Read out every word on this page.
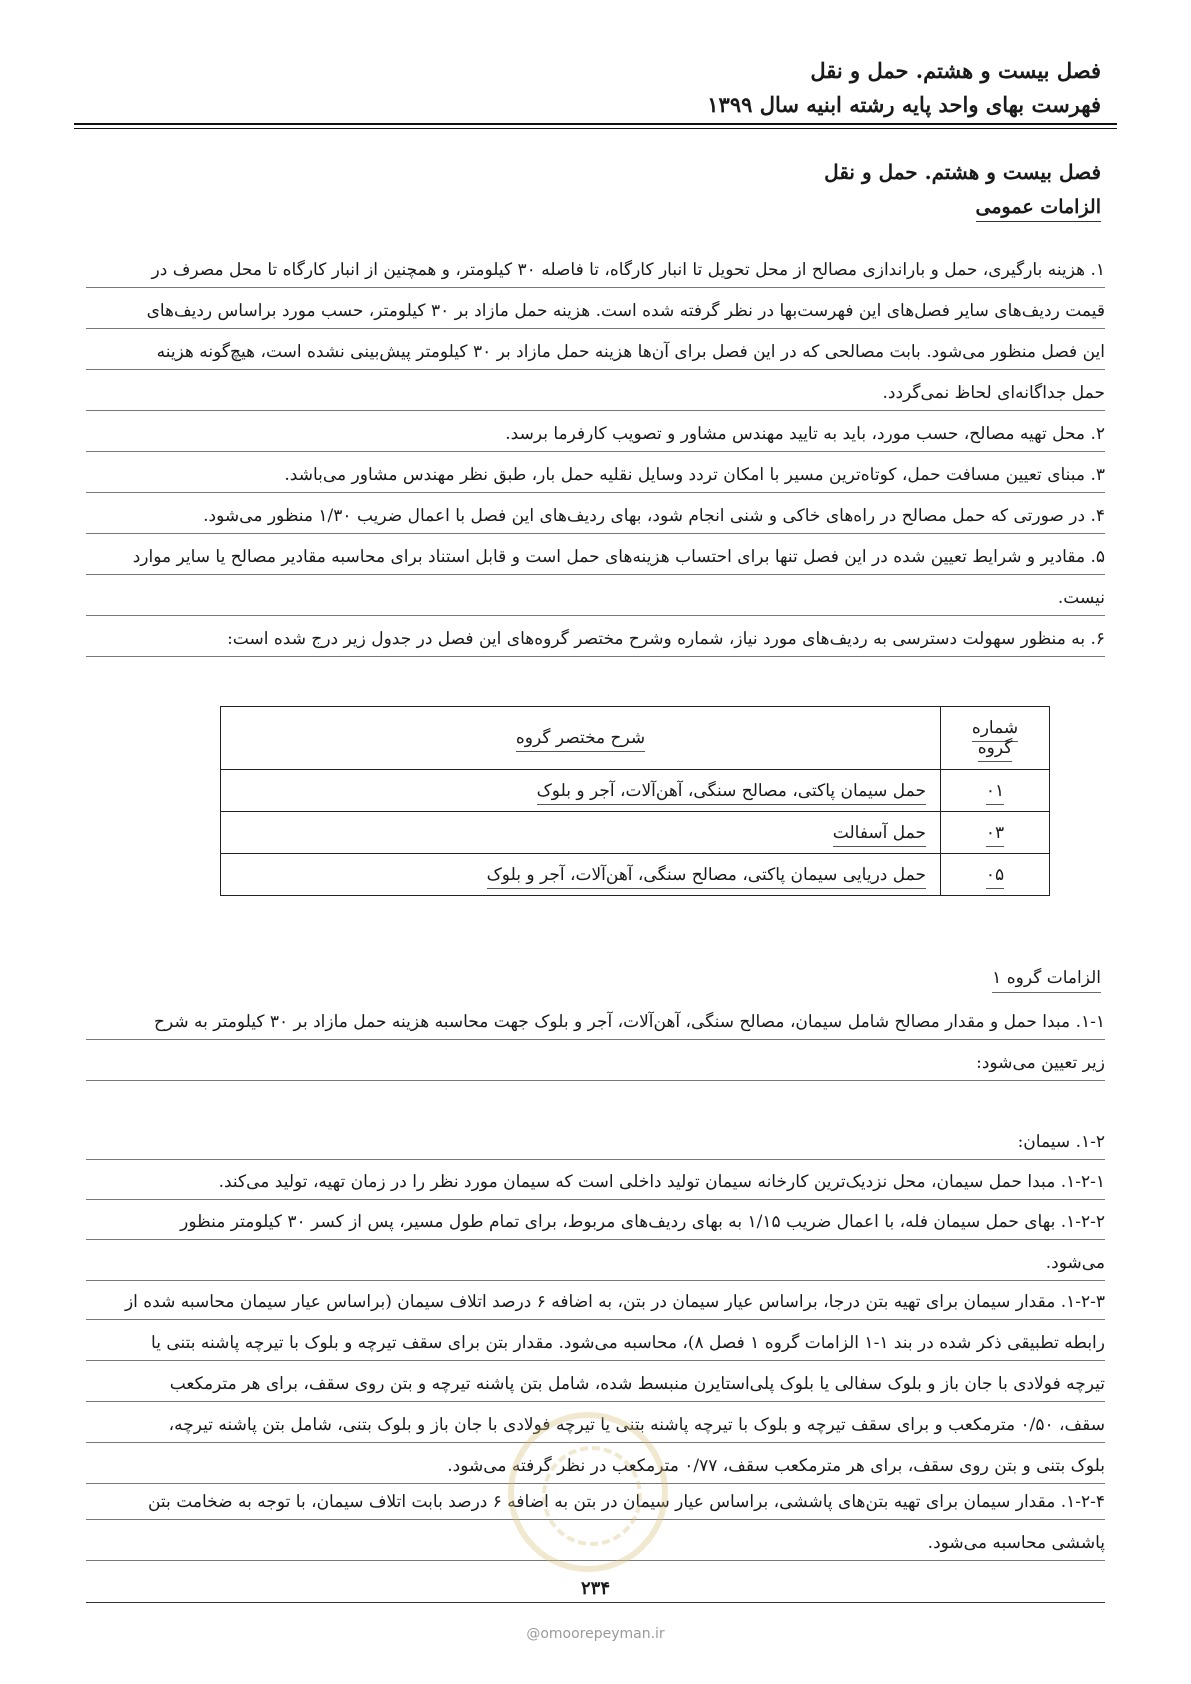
فصل بیست و هشتم. حمل و نقل
فهرست بهای واحد پایه رشته ابنیه سال ۱۳۹۹
فصل بیست و هشتم. حمل و نقل
الزامات عمومی
۱. هزینه بارگیری، حمل و باراندازی مصالح از محل تحویل تا انبار کارگاه، تا فاصله ۳۰ کیلومتر، و همچنین از انبار کارگاه تا محل مصرف در
قیمت ردیف‌های سایر فصل‌های این فهرست‌بها در نظر گرفته شده است. هزینه حمل مازاد بر ۳۰ کیلومتر، حسب مورد براساس ردیف‌های
این فصل منظور می‌شود. بابت مصالحی که در این فصل برای آن‌ها هزینه حمل مازاد بر ۳۰ کیلومتر پیش‌بینی نشده است، هیچ‌گونه هزینه
حمل جداگانه‌ای لحاظ نمی‌گردد.
۲. محل تهیه مصالح، حسب مورد، باید به تایید مهندس مشاور و تصویب کارفرما برسد.
۳. مبنای تعیین مسافت حمل، کوتاه‌ترین مسیر با امکان تردد وسایل نقلیه حمل بار، طبق نظر مهندس مشاور می‌باشد.
۴. در صورتی که حمل مصالح در راه‌های خاکی و شنی انجام شود، بهای ردیف‌های این فصل با اعمال ضریب ۱/۳۰ منظور می‌شود.
۵. مقادیر و شرایط تعیین شده در این فصل تنها برای احتساب هزینه‌های حمل است و قابل استناد برای محاسبه مقادیر مصالح یا سایر موارد
نیست.
۶. به منظور سهولت دسترسی به ردیف‌های مورد نیاز، شماره وشرح مختصر گروه‌های این فصل در جدول زیر درج شده است:
شماره گروه	شرح مختصر گروه
۰۱	حمل سیمان پاکتی، مصالح سنگی، آهن‌آلات، آجر و بلوک
۰۳	حمل آسفالت
۰۵	حمل دریایی سیمان پاکتی، مصالح سنگی، آهن‌آلات، آجر و بلوک
الزامات گروه ۱
۱-۱. مبدا حمل و مقدار مصالح شامل سیمان، مصالح سنگی، آهن‌آلات، آجر و بلوک جهت محاسبه هزینه حمل مازاد بر ۳۰ کیلومتر به شرح
زیر تعیین می‌شود:
۱-۲. سیمان:
۱-۲-۱. مبدا حمل سیمان، محل نزدیک‌ترین کارخانه سیمان تولید داخلی است که سیمان مورد نظر را در زمان تهیه، تولید می‌کند.
۱-۲-۲. بهای حمل سیمان فله، با اعمال ضریب ۱/۱۵ به بهای ردیف‌های مربوط، برای تمام طول مسیر، پس از کسر ۳۰ کیلومتر منظور
می‌شود.
۱-۲-۳. مقدار سیمان برای تهیه بتن درجا، براساس عیار سیمان در بتن، به اضافه ۶ درصد اتلاف سیمان (براساس عیار سیمان محاسبه شده از
رابطه تطبیقی ذکر شده در بند ۱-۱ الزامات گروه ۱ فصل ۸)، محاسبه می‌شود. مقدار بتن برای سقف تیرچه و بلوک با تیرچه پاشنه بتنی یا
تیرچه فولادی با جان باز و بلوک سفالی یا بلوک پلی‌استایرن منبسط شده، شامل بتن پاشنه تیرچه و بتن روی سقف، برای هر مترمکعب
سقف، ۰/۵۰ مترمکعب و برای سقف تیرچه و بلوک با تیرچه پاشنه بتنی یا تیرچه فولادی با جان باز و بلوک بتنی، شامل بتن پاشنه تیرچه،
بلوک بتنی و بتن روی سقف، برای هر مترمکعب سقف، ۰/۷۷ مترمکعب در نظر گرفته می‌شود.
۱-۲-۴. مقدار سیمان برای تهیه بتن‌های پاششی، براساس عیار سیمان در بتن به اضافه ۶ درصد بابت اتلاف سیمان، با توجه به ضخامت بتن
پاششی محاسبه می‌شود.
۲۳۴
@omoorepeyman.ir
